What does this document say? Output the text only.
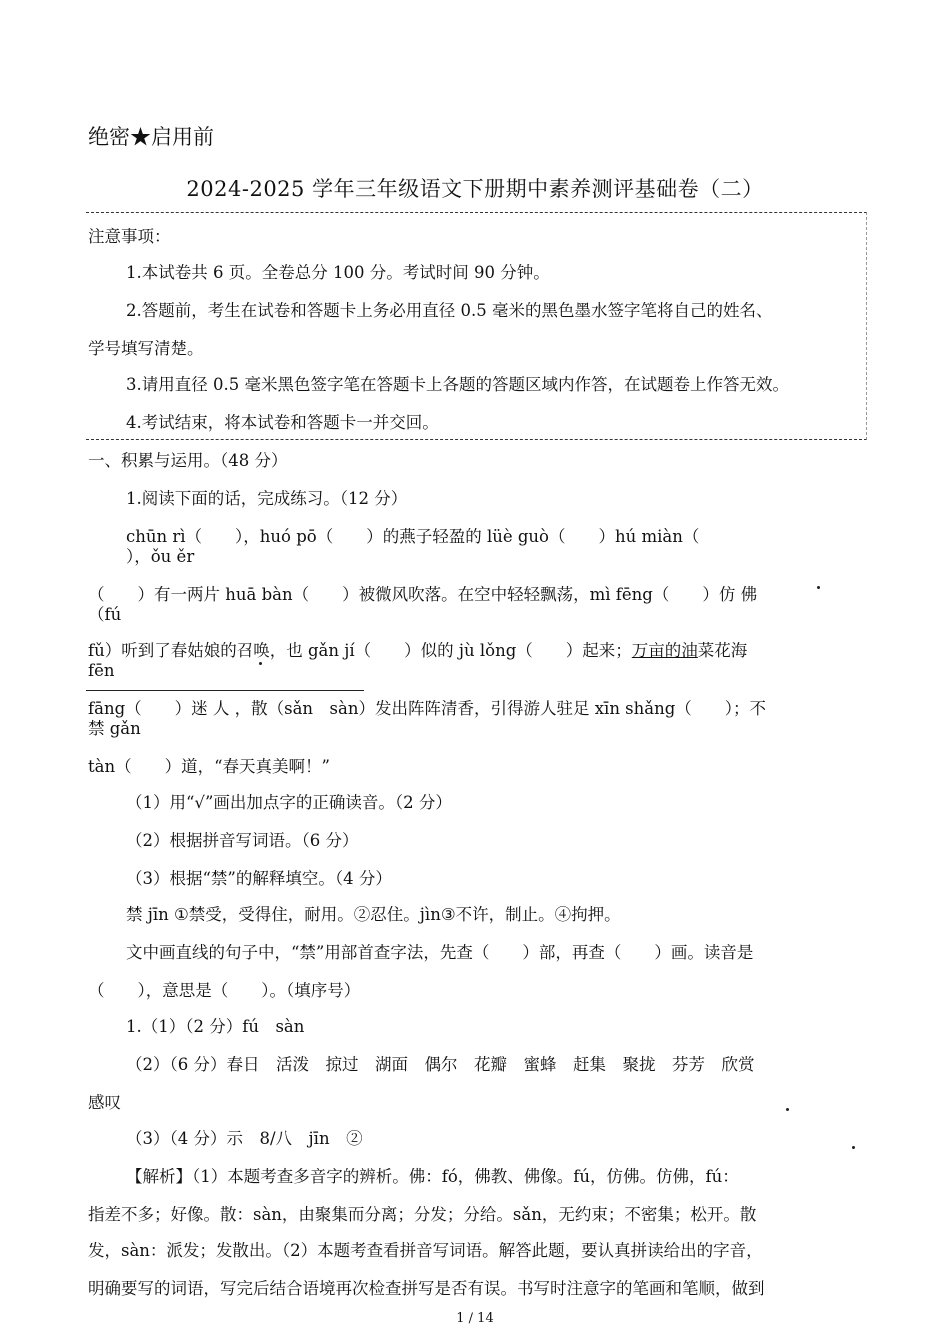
绝密★启用前
2024-2025 学年三年级语文下册期中素养测评基础卷（二）
注意事项：
1.本试卷共 6 页。全卷总分 100 分。考试时间 90 分钟。
2.答题前，考生在试卷和答题卡上务必用直径 0.5 毫米的黑色墨水签字笔将自己的姓名、
学号填写清楚。
3.请用直径 0.5 毫米黑色签字笔在答题卡上各题的答题区域内作答，在试题卷上作答无效。
4.考试结束，将本试卷和答题卡一并交回。
一、积累与运用。（48 分）
1.阅读下面的话，完成练习。（12 分）
chūn rì（　　），huó pō（　　）的燕子轻盈的 lüè guò（　　）hú miàn（
），ǒu ěr
（　　）有一两片 huā bàn（　　）被微风吹落。在空中轻轻飘荡，mì fēng（　　）仿 佛
（fú
fǔ）听到了春姑娘的召唤，也 gǎn jí（　　）似的 jù lǒng（　　）起来；万亩的油菜花海
fēn
fāng（　　）迷 人 ，散（sǎn　sàn）发出阵阵清香，引得游人驻足 xīn shǎng（　　）；不
禁 gǎn
tàn（　　）道，“春天真美啊！”
（1）用“√”画出加点字的正确读音。（2 分）
（2）根据拼音写词语。（6 分）
（3）根据“禁”的解释填空。（4 分）
禁 jīn ①禁受，受得住，耐用。②忍住。jìn③不许，制止。④拘押。
文中画直线的句子中，“禁”用部首查字法，先查（　　）部，再查（　　）画。读音是
（　　），意思是（　　）。（填序号）
1.（1）（2 分）fú　sàn
（2）（6 分）春日　活泼　掠过　湖面　偶尔　花瓣　蜜蜂　赶集　聚拢　芬芳　欣赏
感叹
（3）（4 分）示　8/八　jīn　②
【解析】（1）本题考查多音字的辨析。佛：fó，佛教、佛像。fú，仿佛。仿佛，fú：
指差不多；好像。散：sàn，由聚集而分离；分发；分给。sǎn，无约束；不密集；松开。散
发，sàn：派发；发散出。（2）本题考查看拼音写词语。解答此题，要认真拼读给出的字音，
明确要写的词语，写完后结合语境再次检查拼写是否有误。书写时注意字的笔画和笔顺，做到
1 / 14
